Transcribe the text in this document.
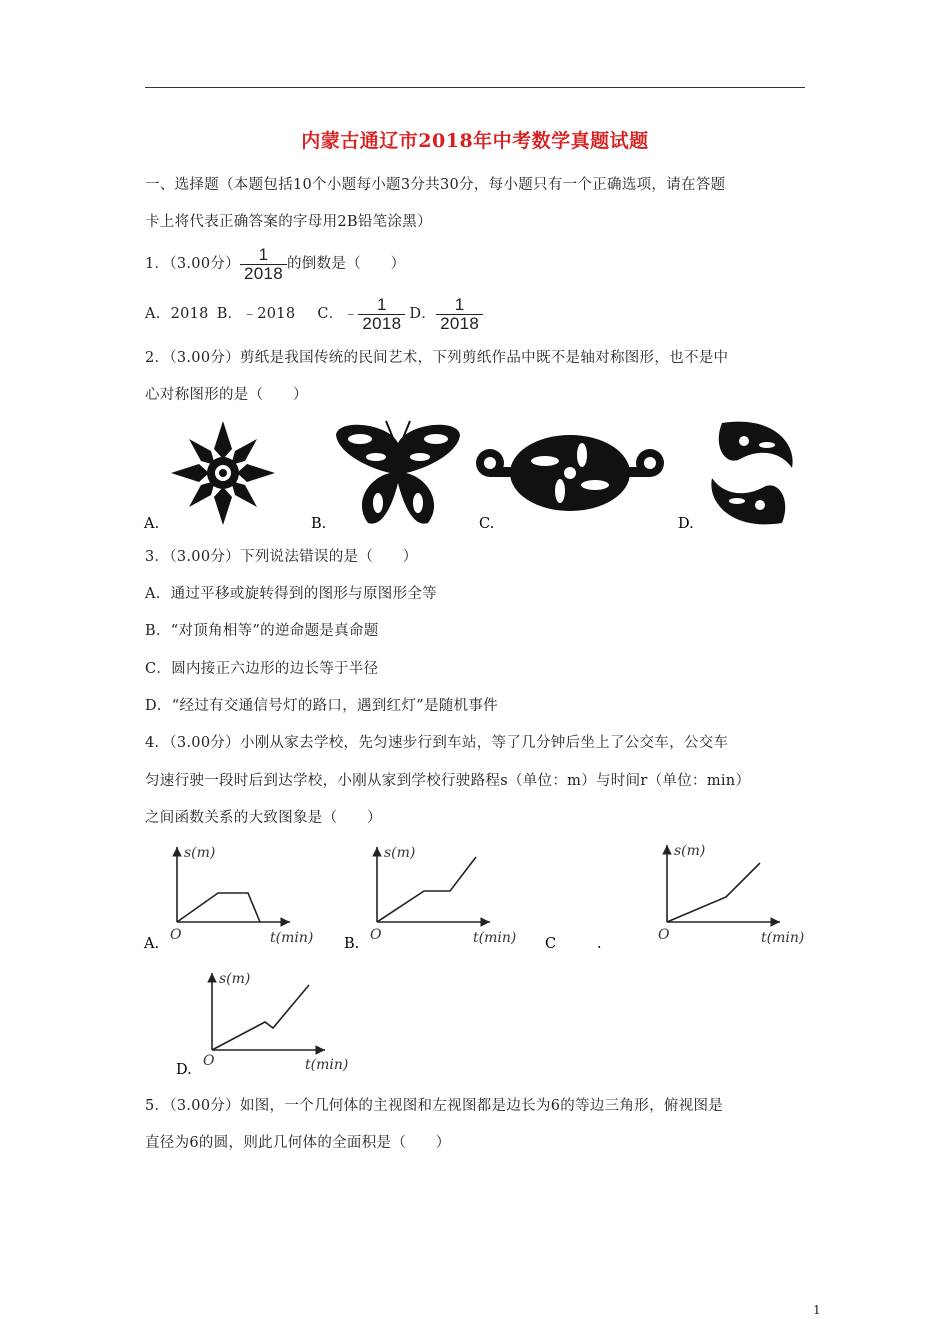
内蒙古通辽市2018年中考数学真题试题
一、选择题（本题包括10个小题每小题3分共30分，每小题只有一个正确选项，请在答题
卡上将代表正确答案的字母用2B铅笔涂黑）
1．（3.00分） $\frac{1}{2018}$ 的倒数是（　　）
A．2018 B．﹣2018 C．﹣ $\frac{1}{2018}$ D． $\frac{1}{2018}$
2．（3.00分）剪纸是我国传统的民间艺术，下列剪纸作品中既不是轴对称图形，也不是中
心对称图形的是（　　）
A.	B.	C.	D.
3．（3.00分）下列说法错误的是（　　）
A．通过平移或旋转得到的图形与原图形全等
B．“对顶角相等”的逆命题是真命题
C．圆内接正六边形的边长等于半径
D．“经过有交通信号灯的路口，遇到红灯”是随机事件
4．（3.00分）小刚从家去学校，先匀速步行到车站，等了几分钟后坐上了公交车，公交车
匀速行驶一段时后到达学校，小刚从家到学校行驶路程s（单位：m）与时间r（单位：min）
之间函数关系的大致图象是（　　）
s(m)
O	t(min)
A.
s(m)
O	t(min)
B.	C	.
s(m)
O	t(min)
s(m)
O	t(min)
D.
5．（3.00分）如图，一个几何体的主视图和左视图都是边长为6的等边三角形，俯视图是
直径为6的圆，则此几何体的全面积是（　　）
1
